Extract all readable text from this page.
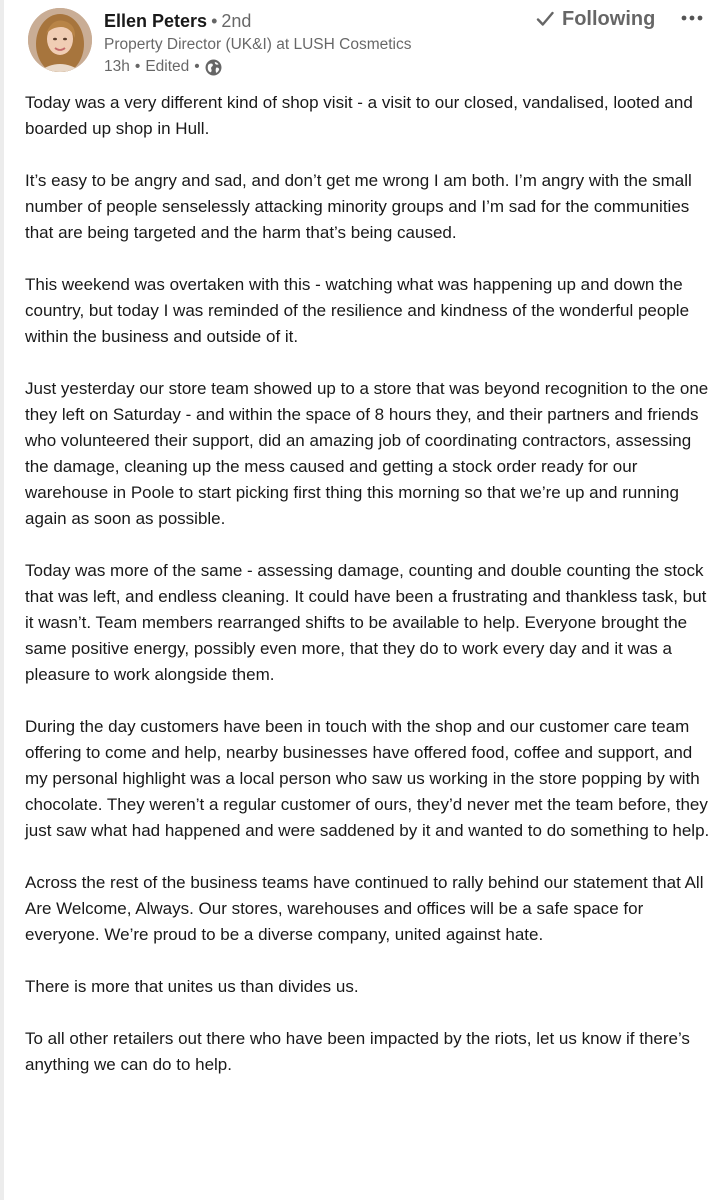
Ellen Peters • 2nd
Property Director (UK&I) at LUSH Cosmetics
13h • Edited •
Following

Today was a very different kind of shop visit - a visit to our closed, vandalised, looted and boarded up shop in Hull.

It’s easy to be angry and sad, and don’t get me wrong I am both. I’m angry with the small number of people senselessly attacking minority groups and I’m sad for the communities that are being targeted and the harm that’s being caused.

This weekend was overtaken with this - watching what was happening up and down the country, but today I was reminded of the resilience and kindness of the wonderful people within the business and outside of it.

Just yesterday our store team showed up to a store that was beyond recognition to the one they left on Saturday - and within the space of 8 hours they, and their partners and friends who volunteered their support, did an amazing job of coordinating contractors, assessing the damage, cleaning up the mess caused and getting a stock order ready for our warehouse in Poole to start picking first thing this morning so that we’re up and running again as soon as possible.

Today was more of the same - assessing damage, counting and double counting the stock that was left, and endless cleaning. It could have been a frustrating and thankless task, but it wasn’t. Team members rearranged shifts to be available to help. Everyone brought the same positive energy, possibly even more, that they do to work every day and it was a pleasure to work alongside them.

During the day customers have been in touch with the shop and our customer care team offering to come and help, nearby businesses have offered food, coffee and support, and my personal highlight was a local person who saw us working in the store popping by with chocolate. They weren’t a regular customer of ours, they’d never met the team before, they just saw what had happened and were saddened by it and wanted to do something to help.

Across the rest of the business teams have continued to rally behind our statement that All Are Welcome, Always. Our stores, warehouses and offices will be a safe space for everyone. We’re proud to be a diverse company, united against hate.

There is more that unites us than divides us.

To all other retailers out there who have been impacted by the riots, let us know if there’s anything we can do to help.
